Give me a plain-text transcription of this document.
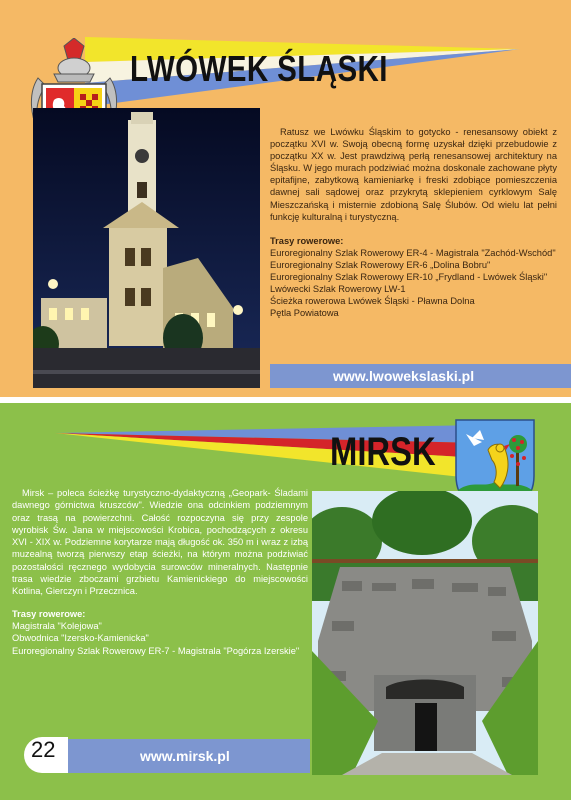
LWÓWEK ŚLĄSKI

Ratusz we Lwówku Śląskim to gotycko - renesansowy obiekt z początku XVI w. Swoją obecną formę uzyskał dzięki przebudowie z początku XX w. Jest prawdziwą perłą renesansowej architektury na Śląsku. W jego murach podziwiać można doskonale zachowane płyty epitafijne, zabytkową kamieniarkę i freski zdobiące pomieszczenia dawnej sali sądowej oraz przykrytą sklepieniem cyrklowym Salę Mieszczańską i misternie zdobioną Salę Ślubów. Od wielu lat pełni funkcję kulturalną i turystyczną.

Trasy rowerowe:
Euroregionalny Szlak Rowerowy ER-4 - Magistrala "Zachód-Wschód"
Euroregionalny Szlak Rowerowy ER-6 „Dolina Bobru"
Euroregionalny Szlak Rowerowy ER-10 „Frydland - Lwówek Śląski"
Lwówecki Szlak Rowerowy LW-1
Ścieżka rowerowa Lwówek Śląski - Pławna Dolna
Pętla Powiatowa
www.lwowekslaski.pl
MIRSK

Mirsk – poleca ścieżkę turystyczno-dydaktyczną „Geopark- Śladami dawnego górnictwa kruszców". Wiedzie ona odcinkiem podziemnym oraz trasą na powierzchni. Całość rozpoczyna się przy zespole wyrobisk Św. Jana w miejscowości Krobica, pochodzących z okresu XVI - XIX w. Podziemne korytarze mają długość ok. 350 m i wraz z izbą muzealną tworzą pierwszy etap ścieżki, na którym można podziwiać pozostałości ręcznego wydobycia surowców mineralnych. Następnie trasa wiedzie zboczami grzbietu Kamienickiego do miejscowości Kotlina, Gierczyn i Przecznica.

Trasy rowerowe:
Magistrala "Kolejowa"
Obwodnica "Izersko-Kamienicka"
Euroregionalny Szlak Rowerowy ER-7 - Magistrala "Pogórza Izerskie"
www.mirsk.pl
22
